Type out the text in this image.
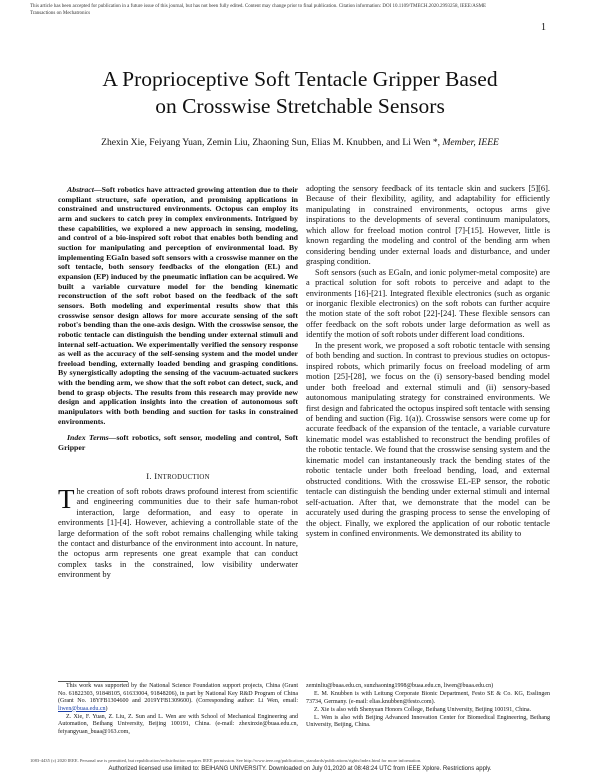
This article has been accepted for publication in a future issue of this journal, but has not been fully edited. Content may change prior to final publication. Citation information: DOI 10.1109/TMECH.2020.2993258, IEEE/ASME
Transactions on Mechatronics
1
A Proprioceptive Soft Tentacle Gripper Based
on Crosswise Stretchable Sensors
Zhexin Xie, Feiyang Yuan, Zemin Liu, Zhaoning Sun, Elias M. Knubben, and Li Wen *, Member, IEEE

Abstract—Soft robotics have attracted growing attention due to their compliant structure, safe operation, and promising applications in constrained and unstructured environments. Octopus can employ its arm and suckers to catch prey in complex environments. Intrigued by these capabilities, we explored a new approach in sensing, modeling, and control of a bio-inspired soft robot that enables both bending and suction for manipulating and perception of environmental load. By implementing EGaIn based soft sensors with a crosswise manner on the soft tentacle, both sensory feedbacks of the elongation (EL) and expansion (EP) induced by the pneumatic inflation can be acquired. We built a variable curvature model for the bending kinematic reconstruction of the soft robot based on the feedback of the soft sensors. Both modeling and experimental results show that this crosswise sensor design allows for more accurate sensing of the soft robot's bending than the one-axis design. With the crosswise sensor, the robotic tentacle can distinguish the bending under external stimuli and internal self-actuation. We experimentally verified the sensory response as well as the accuracy of the self-sensing system and the model under freeload bending, externally loaded bending and grasping conditions. By synergistically adopting the sensing of the vacuum-actuated suckers with the bending arm, we show that the soft robot can detect, suck, and bend to grasp objects. The results from this research may provide new design and application insights into the creation of autonomous soft manipulators with both bending and suction for tasks in constrained environments.

Index Terms—soft robotics, soft sensor, modeling and control, Soft Gripper

I. INTRODUCTION

The creation of soft robots draws profound interest from scientific and engineering communities due to their safe human-robot interaction, large deformation, and easy to operate in environments [1]-[4]. However, achieving a controllable state of the large deformation of the soft robot remains challenging while taking the contact and disturbance of the environment into account. In nature, the octopus arm represents one great example that can conduct complex tasks in the constrained, low visibility underwater environment by

adopting the sensory feedback of its tentacle skin and suckers [5][6]. Because of their flexibility, agility, and adaptability for efficiently manipulating in constrained environments, octopus arms give inspirations to the developments of several continuum manipulators, which allow for freeload motion control [7]-[15]. However, little is known regarding the modeling and control of the bending arm when considering bending under external loads and disturbance, and under grasping condition.

Soft sensors (such as EGaIn, and ionic polymer-metal composite) are a practical solution for soft robots to perceive and adapt to the environments [16]-[21]. Integrated flexible electronics (such as organic or inorganic flexible electronics) on the soft robots can further acquire the motion state of the soft robot [22]-[24]. These flexible sensors can offer feedback on the soft robots under large deformation as well as identify the motion of soft robots under different load conditions.

In the present work, we proposed a soft robotic tentacle with sensing of both bending and suction. In contrast to previous studies on octopus-inspired robots, which primarily focus on freeload modeling of arm motion [25]-[28], we focus on the (i) sensory-based bending model under both freeload and external stimuli and (ii) sensory-based autonomous manipulating strategy for constrained environments. We first design and fabricated the octopus inspired soft tentacle with sensing of bending and suction (Fig. 1(a)). Crosswise sensors were come up for accurate feedback of the expansion of the tentacle, a variable curvature kinematic model was established to reconstruct the bending profiles of the robotic tentacle. We found that the crosswise sensing system and the kinematic model can instantaneously track the bending states of the robotic tentacle under both freeload bending, load, and external obstructed conditions. With the crosswise EL-EP sensor, the robotic tentacle can distinguish the bending under external stimuli and internal self-actuation. After that, we demonstrate that the model can be accurately used during the grasping process to sense the enveloping of the object. Finally, we explored the application of our robotic tentacle system in confined environments. We demonstrated its ability to

This work was supported by the National Science Foundation support projects, China (Grant No. 61822303, 91848105, 61633004, 91848206), in part by National Key R&D Program of China (Grant No. 18YFB1304600 and 2019YFB1309600). (Corresponding author: Li Wen, email: liwen@buaa.edu.cn)

Z. Xie, F. Yuan, Z. Liu, Z. Sun and L. Wen are with School of Mechanical Engineering and Automation, Beihang University, Beijing 100191, China. (e-mail: zhexinxie@buaa.edu.cn, feiyangyuan_buaa@163.com,

zeminliu@buaa.edu.cn, sunzhaoning1998@buaa.edu.cn, liwen@buaa.edu.cn)

E. M. Knubben is with Leitung Corporate Bionic Department, Festo SE & Co. KG, Esslingen 73734, Germany. (e-mail: elias.knubben@festo.com).

Z. Xie is also with Shenyuan Honors College, Beihang University, Beijing 100191, China.

L. Wen is also with Beijing Advanced Innovation Center for Biomedical Engineering, Beihang University, Beijing, China.

1083-4435 (c) 2020 IEEE. Personal use is permitted, but republication/redistribution requires IEEE permission. See http://www.ieee.org/publications_standards/publications/rights/index.html for more information.
Authorized licensed use limited to: BEIHANG UNIVERSITY. Downloaded on July 01,2020 at 08:48:24 UTC from IEEE Xplore. Restrictions apply.
